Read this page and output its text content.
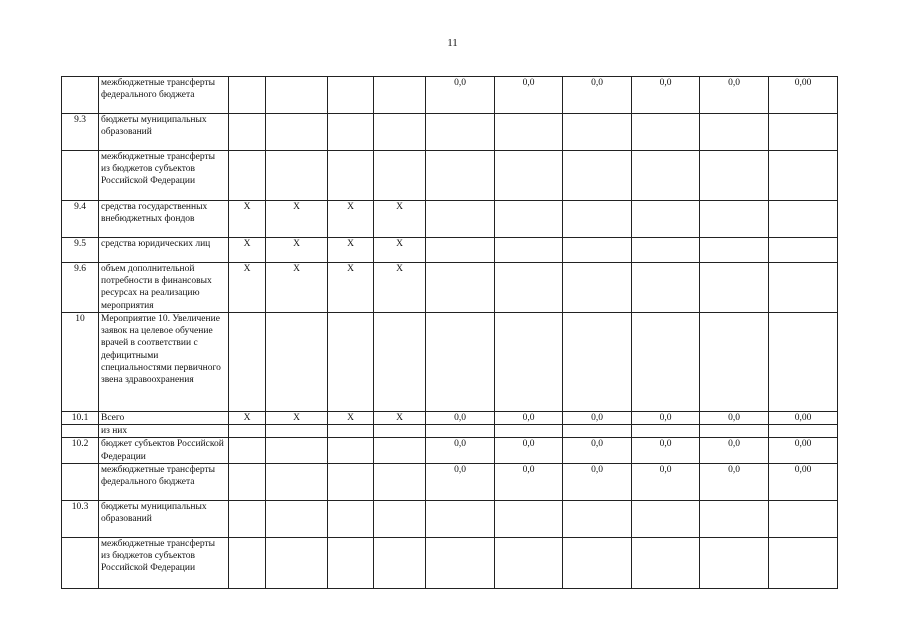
11
	межбюджетные трансферты федерального бюджета					0,0	0,0	0,0	0,0	0,0	0,00
9.3	бюджеты муниципальных образований										
	межбюджетные трансферты из бюджетов субъектов Российской Федерации										
9.4	средства государственных внебюджетных фондов	X	X	X	X						
9.5	средства юридических лиц	X	X	X	X						
9.6	объем дополнительной потребности в финансовых ресурсах на реализацию мероприятия	X	X	X	X						
10	Мероприятие 10. Увеличение заявок на целевое обучение врачей в соответствии с дефицитными специальностями первичного звена здравоохранения										
10.1	Всего	X	X	X	X	0,0	0,0	0,0	0,0	0,0	0,00
	из них										
10.2	бюджет субъектов Российской Федерации					0,0	0,0	0,0	0,0	0,0	0,00
	межбюджетные трансферты федерального бюджета					0,0	0,0	0,0	0,0	0,0	0,00
10.3	бюджеты муниципальных образований										
	межбюджетные трансферты из бюджетов субъектов Российской Федерации										
